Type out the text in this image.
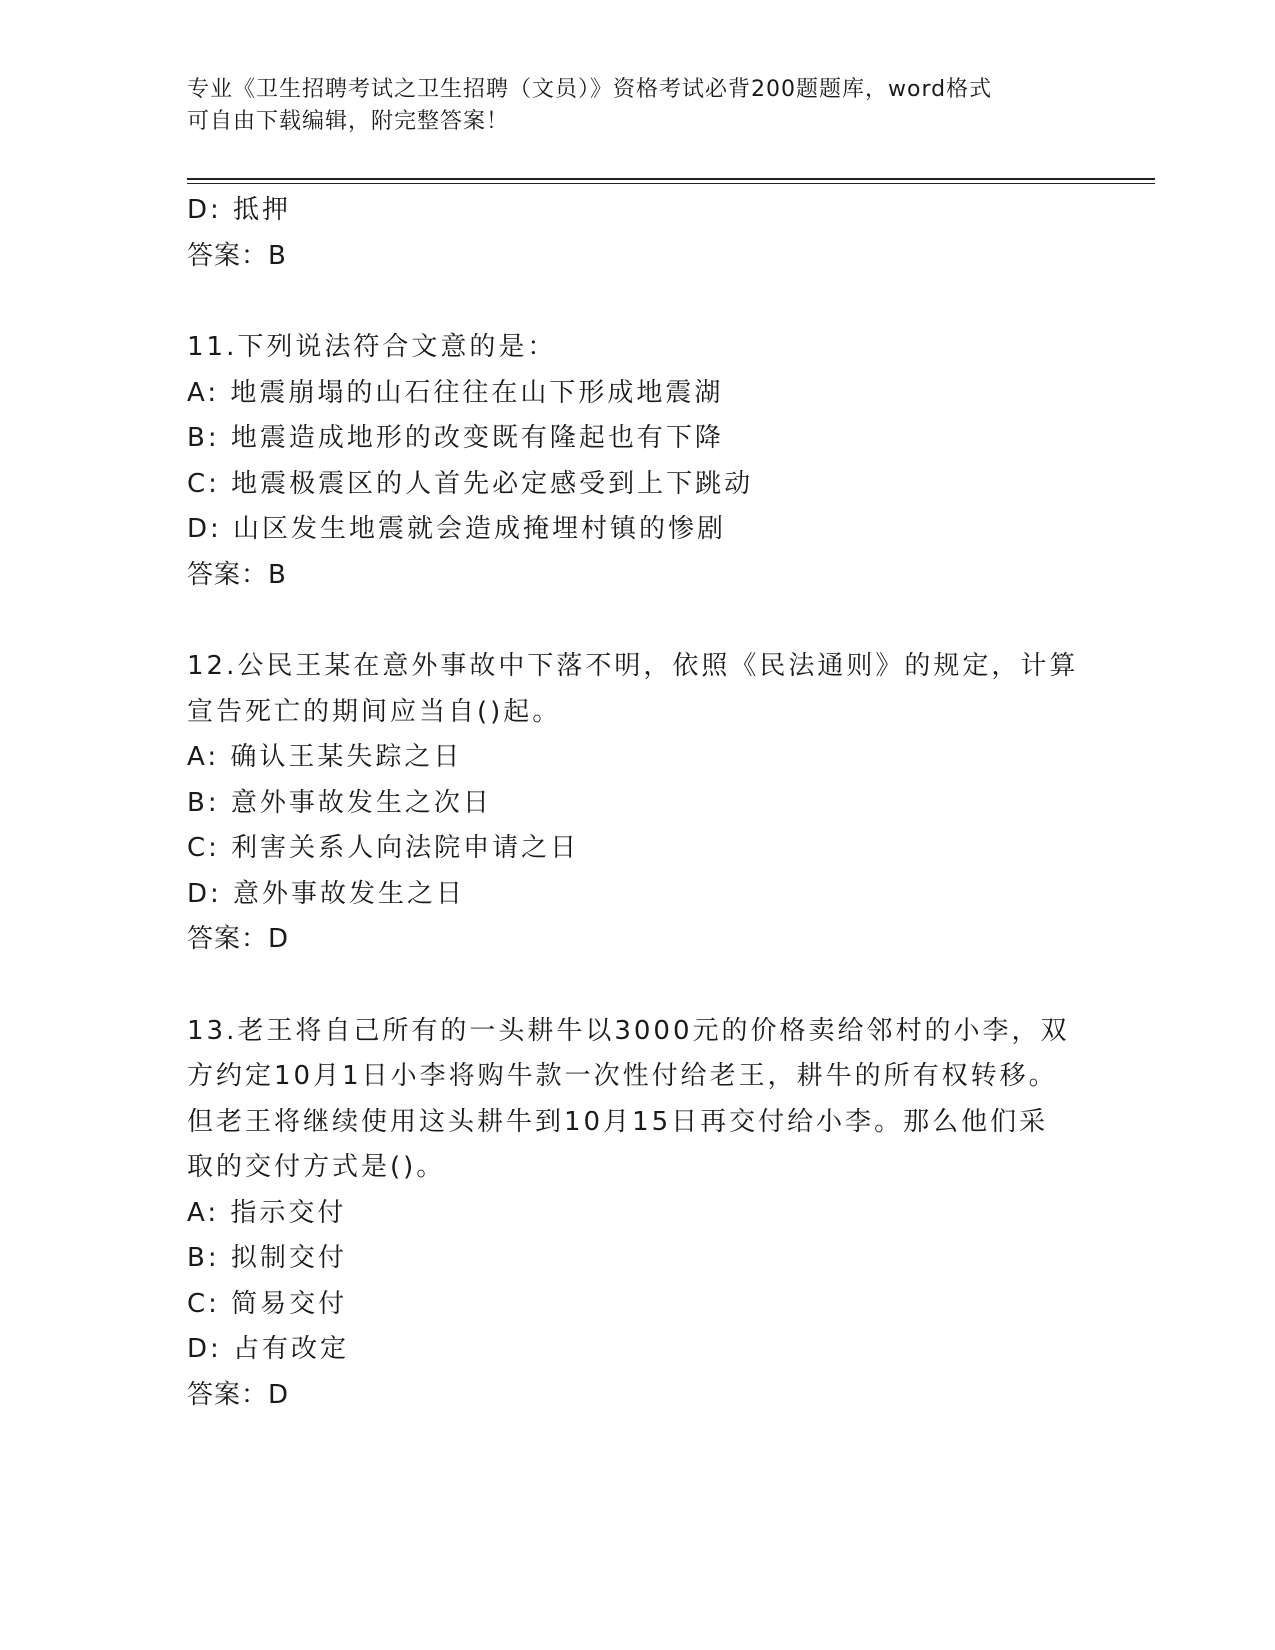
专业《卫生招聘考试之卫生招聘（文员）》资格考试必背200题题库，word格式
可自由下载编辑，附完整答案！

D: 抵押

答案：B

11.下列说法符合文意的是：

A: 地震崩塌的山石往往在山下形成地震湖

B: 地震造成地形的改变既有隆起也有下降

C: 地震极震区的人首先必定感受到上下跳动

D: 山区发生地震就会造成掩埋村镇的惨剧

答案：B

12.公民王某在意外事故中下落不明，依照《民法通则》的规定，计算

宣告死亡的期间应当自()起。

A: 确认王某失踪之日

B: 意外事故发生之次日

C: 利害关系人向法院申请之日

D: 意外事故发生之日

答案：D

13.老王将自己所有的一头耕牛以3000元的价格卖给邻村的小李，双

方约定10月1日小李将购牛款一次性付给老王，耕牛的所有权转移。

但老王将继续使用这头耕牛到10月15日再交付给小李。那么他们采

取的交付方式是()。

A: 指示交付

B: 拟制交付

C: 简易交付

D: 占有改定

答案：D
